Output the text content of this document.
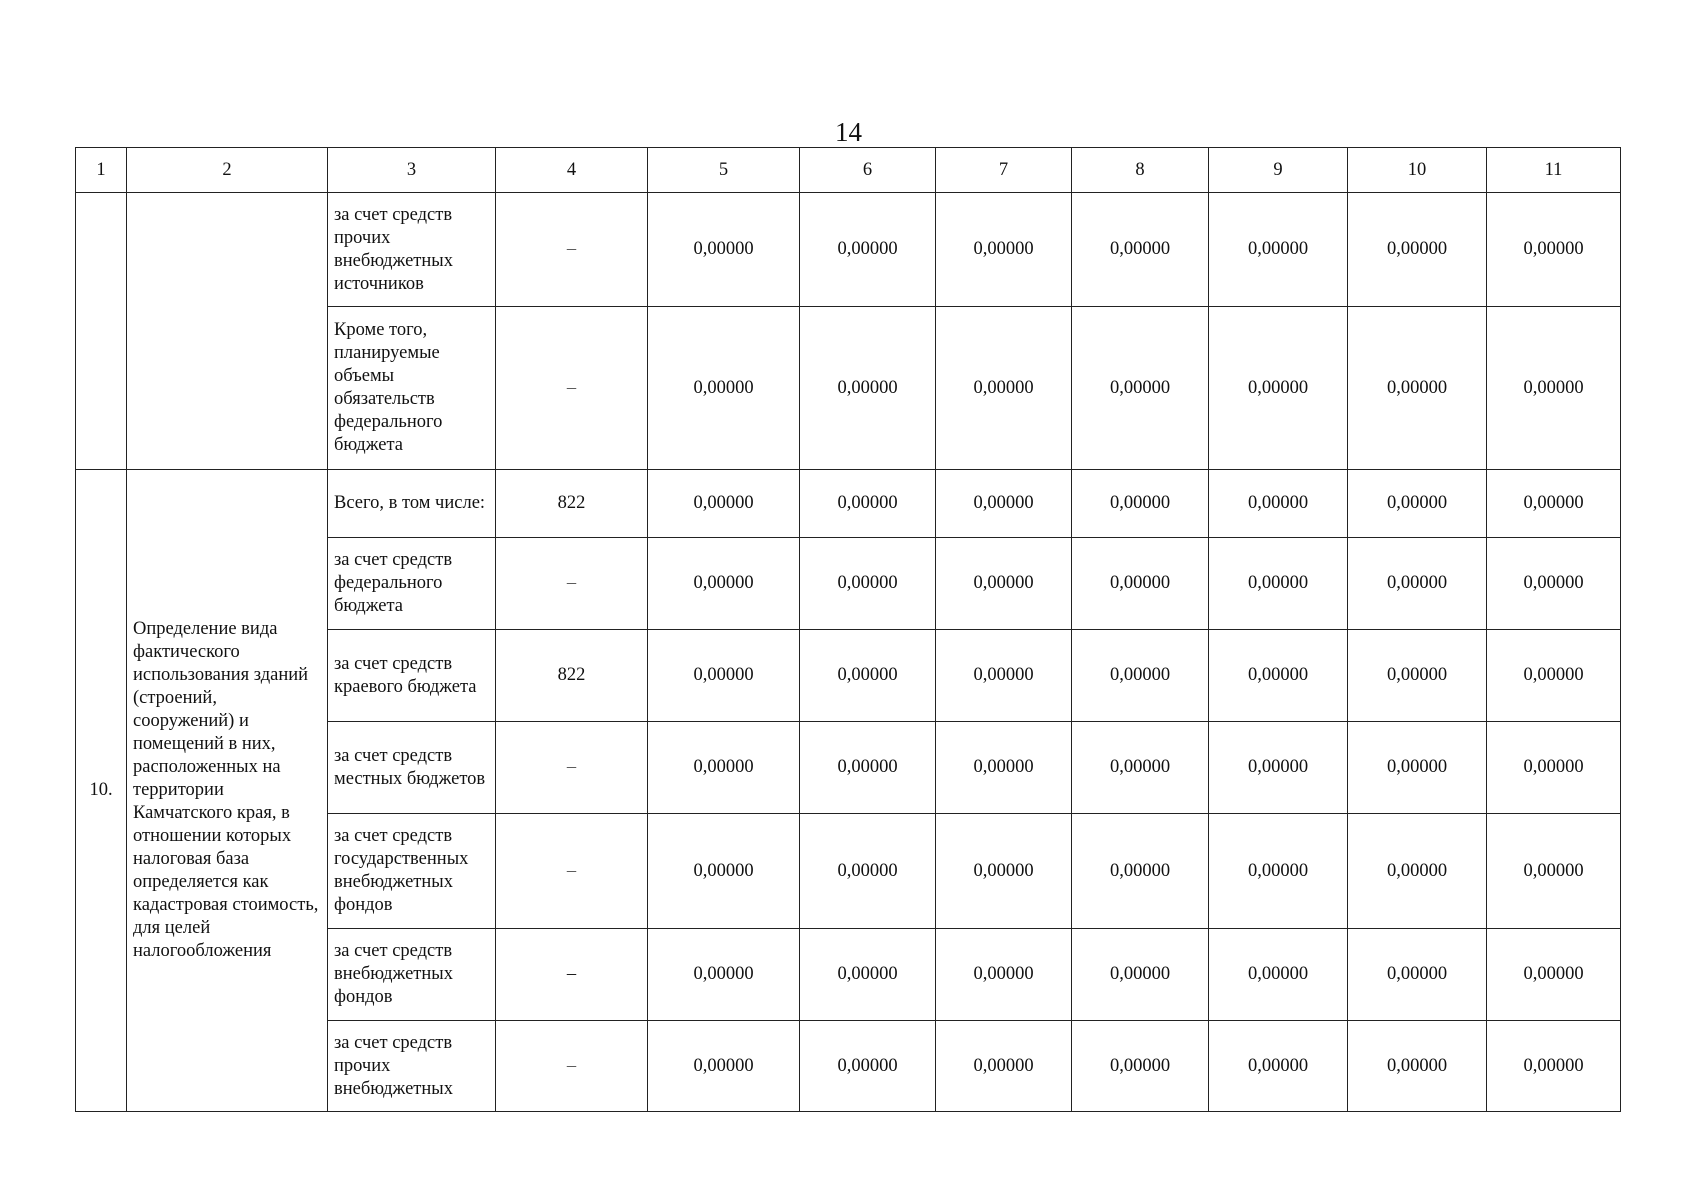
14
1	2	3	4	5	6	7	8	9	10	11
		за счет средств прочих внебюджетных источников	–	0,00000	0,00000	0,00000	0,00000	0,00000	0,00000	0,00000
		Кроме того, планируемые объемы обязательств федерального бюджета	–	0,00000	0,00000	0,00000	0,00000	0,00000	0,00000	0,00000
10.	Определение вида фактического использования зданий (строений, сооружений) и помещений в них, расположенных на территории Камчатского края, в отношении которых налоговая база определяется как кадастровая стоимость, для целей налогообложения	Всего, в том числе:	822	0,00000	0,00000	0,00000	0,00000	0,00000	0,00000	0,00000
		за счет средств федерального бюджета	–	0,00000	0,00000	0,00000	0,00000	0,00000	0,00000	0,00000
		за счет средств краевого бюджета	822	0,00000	0,00000	0,00000	0,00000	0,00000	0,00000	0,00000
		за счет средств местных бюджетов	–	0,00000	0,00000	0,00000	0,00000	0,00000	0,00000	0,00000
		за счет средств государственных внебюджетных фондов	–	0,00000	0,00000	0,00000	0,00000	0,00000	0,00000	0,00000
		за счет средств внебюджетных фондов	–	0,00000	0,00000	0,00000	0,00000	0,00000	0,00000	0,00000
		за счет средств прочих внебюджетных	–	0,00000	0,00000	0,00000	0,00000	0,00000	0,00000	0,00000
